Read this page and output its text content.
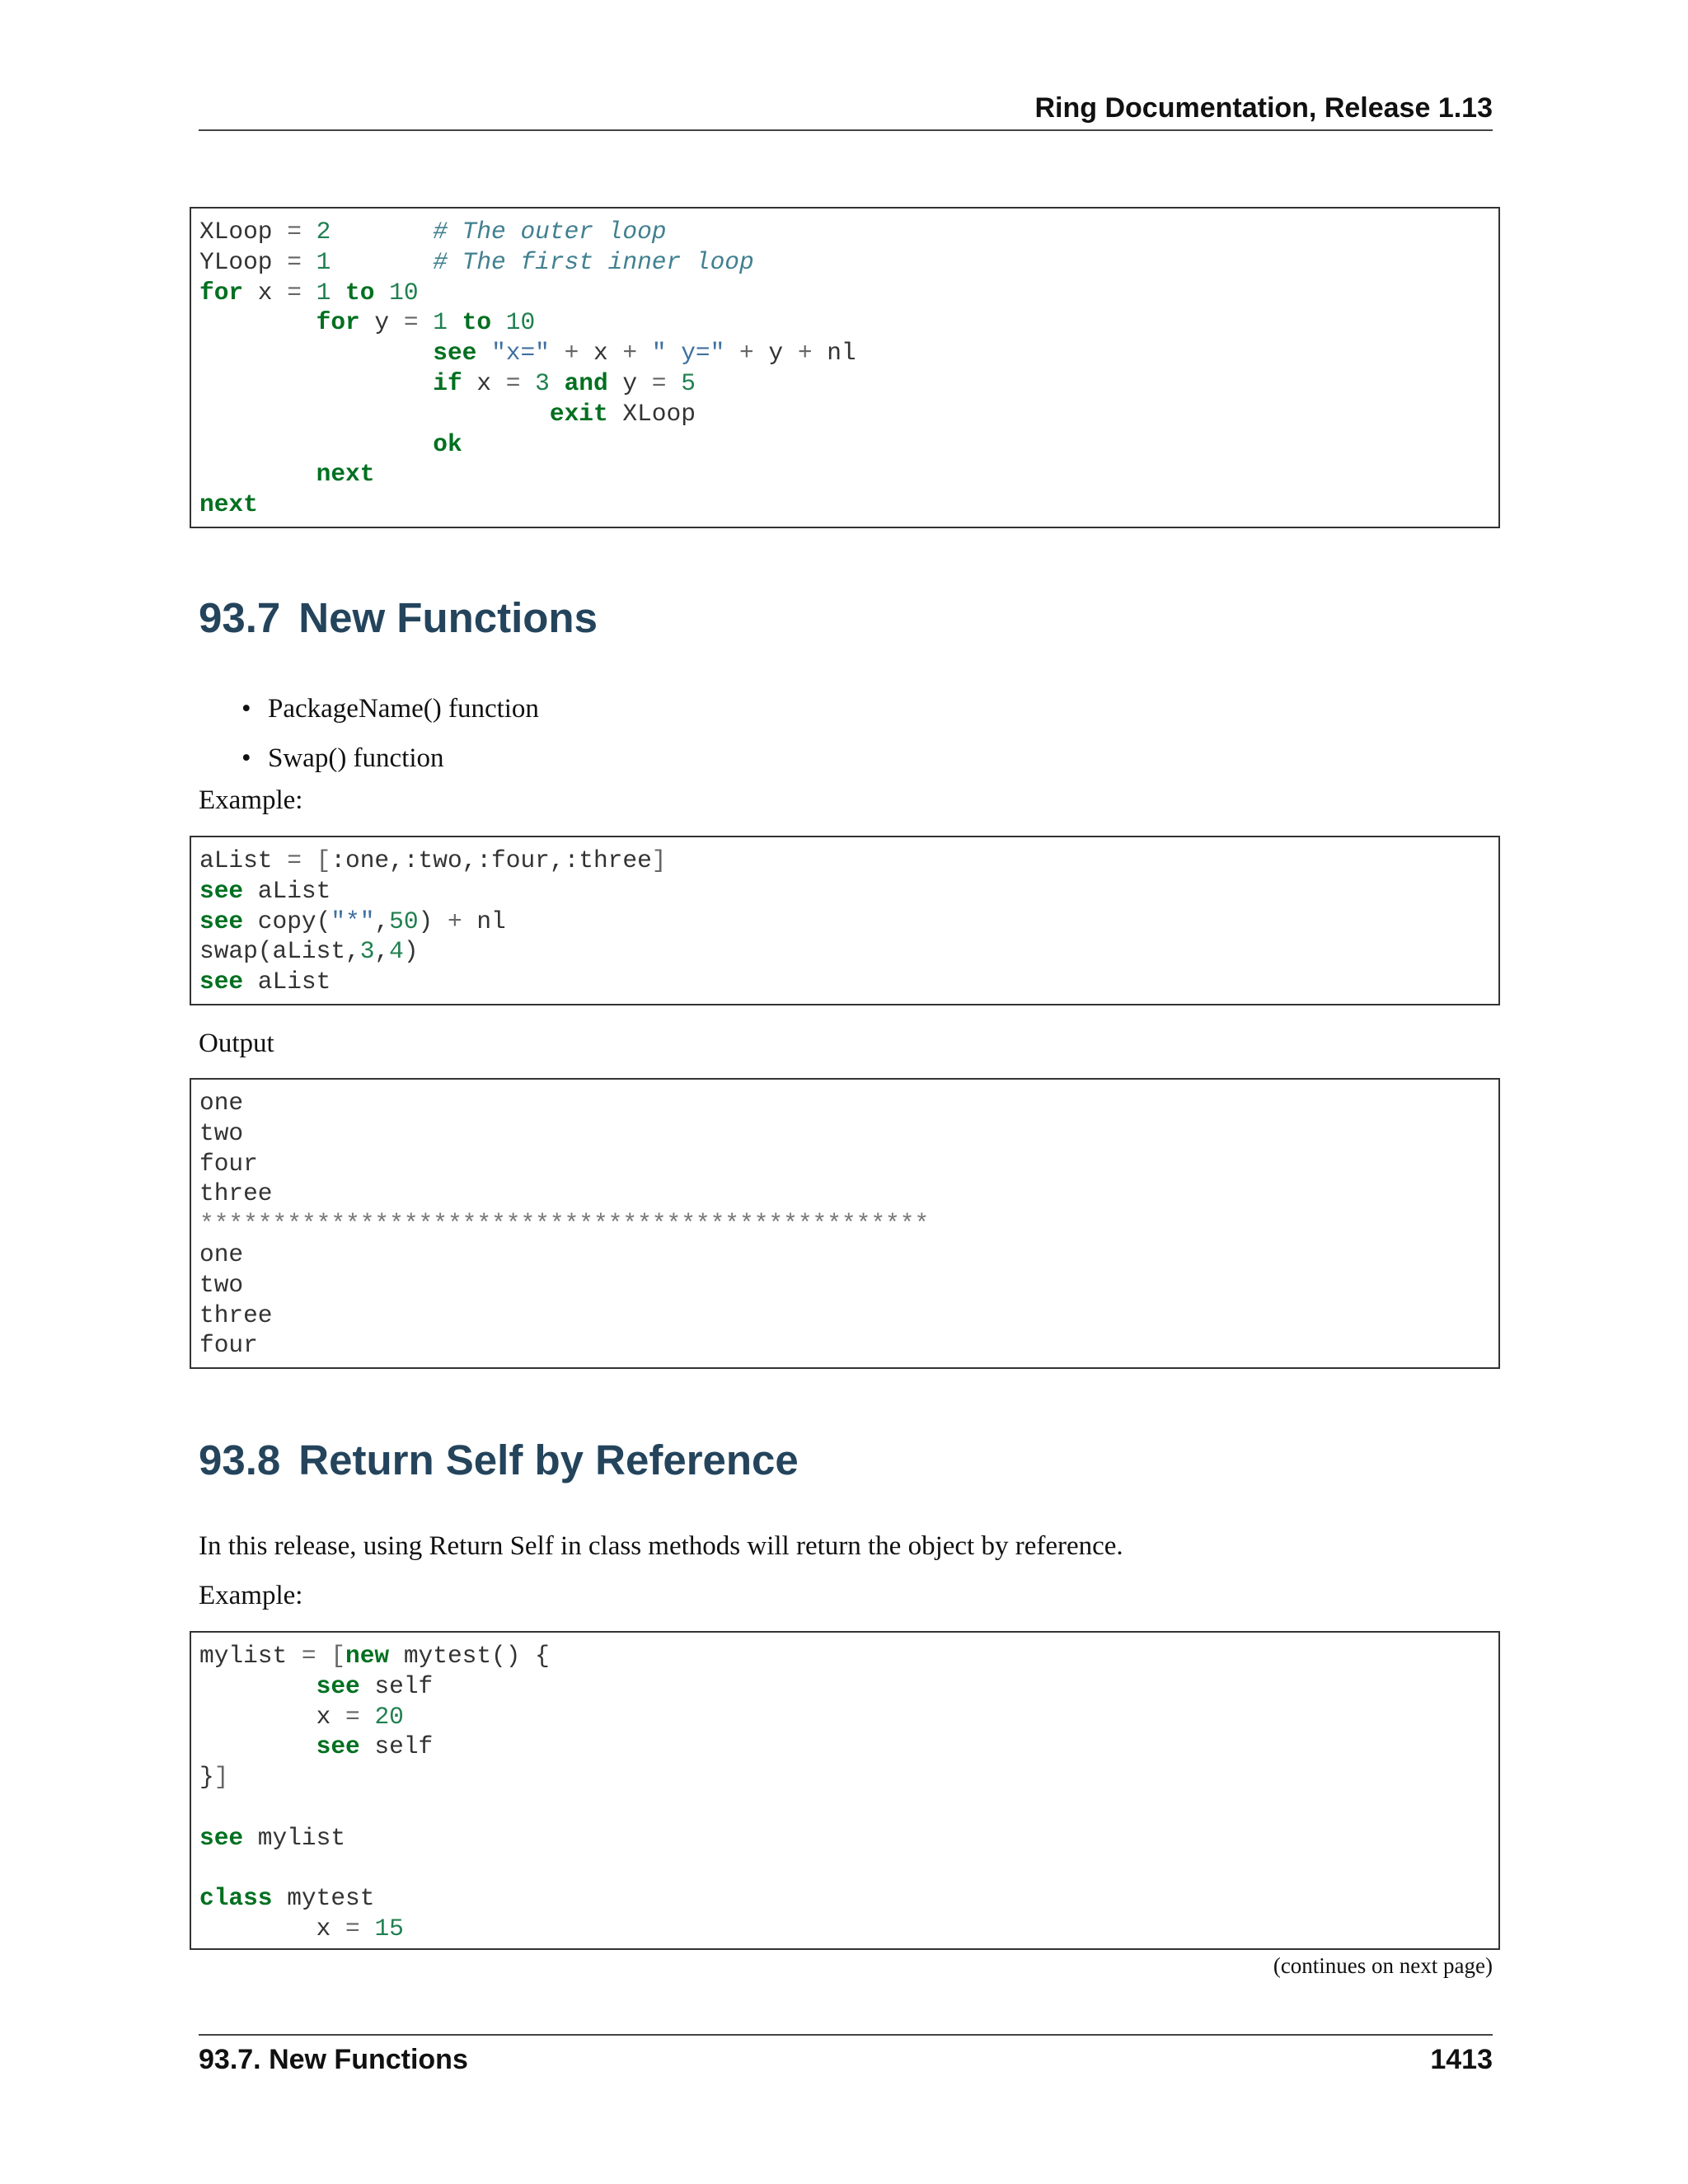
Ring Documentation, Release 1.13
XLoop = 2	# The outer loop
YLoop = 1	# The first inner loop
for x = 1 to 10
for y = 1 to 10
see "x=" + x + " y=" + y + nl
if x = 3 and y = 5
exit XLoop
ok
next
next
93.7 New Functions
• PackageName() function
• Swap() function

Example:

aList = [:one,:two,:four,:three]
see aList
see copy("*",50) + nl
swap(aList,3,4)
see aList

Output

one
two
four
three
**************************************************
one
two
three
four
93.8 Return Self by Reference

In this release, using Return Self in class methods will return the object by reference.

Example:

mylist = [new mytest() {
see self
x = 20
see self
}]

see mylist

class mytest
x = 15
(continues on next page)
93.7. New Functions	1413
